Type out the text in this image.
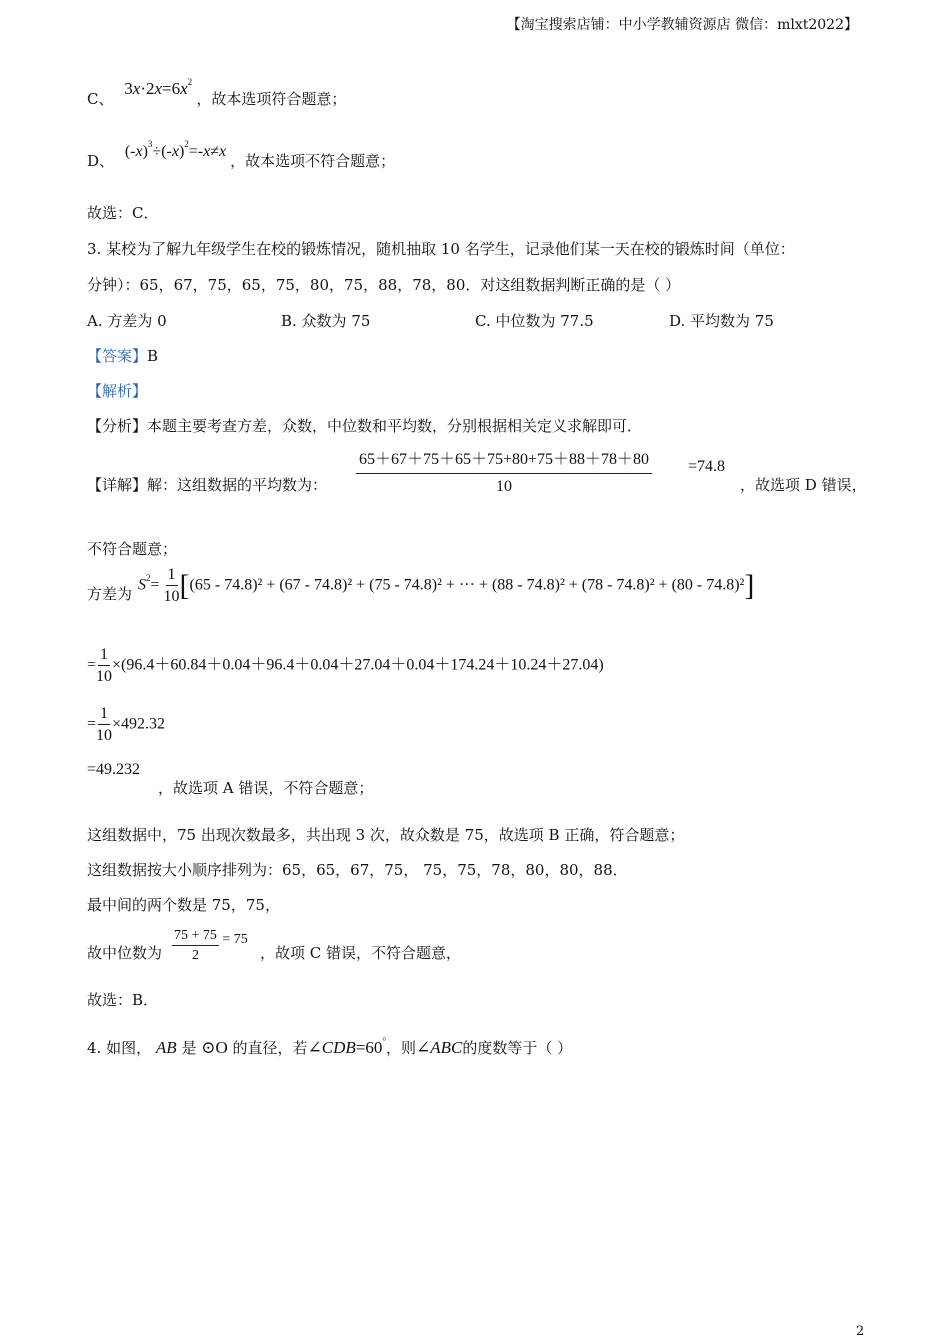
【淘宝搜索店铺：中小学教辅资源店 微信：mlxt2022】
C、 $3x\cdot 2x=6x^2$ ，故本选项符合题意；
D、 $(-x)^3\div(-x)^2=-x\ne x$ ，故本选项不符合题意；
故选：C．
3. 某校为了解九年级学生在校的锻炼情况，随机抽取 10 名学生，记录他们某一天在校的锻炼时间（单位：
分钟）：65，67，75，65，75，80，75，88，78，80．对这组数据判断正确的是（ ）
A. 方差为 0	B. 众数为 75	C. 中位数为 77.5	D. 平均数为 75
【答案】B
【解析】
【分析】本题主要考查方差，众数，中位数和平均数，分别根据相关定义求解即可．
【详解】解：这组数据的平均数为： $\frac{65+67+75+65+75+80+75+88+78+80}{10} =74.8$
，故选项 D 错误，
不符合题意；
方差为 $S^2= \frac{1}{10} [(65 - 74.8)^2 + (67 - 74.8)^2 + (75 - 74.8)^2$ + ··· + (88 - 74.8)² + (78 - 74.8)² + (80 - 74.8)²]
= $\frac{1}{10} \times(96.4+60.84+0.04+96.4+0.04+27.04+0.04+174.24+10.24+27.04)$
= $\frac{1}{10} \times 492.32$
=49.232
，故选项 A 错误，不符合题意；
这组数据中，75 出现次数最多，共出现 3 次，故众数是 75，故选项 B 正确，符合题意；
这组数据按大小顺序排列为：65，65，67，75， 75，75，78，80，80，88．
最中间的两个数是 75，75，
故中位数为 $\frac{75 + 75}{2} = 75$
，故项 C 错误，不符合题意，
故选：B．
4. 如图， AB 是 ⊙O 的直径，若∠CDB=60°，则∠ABC的度数等于（ ）
2
